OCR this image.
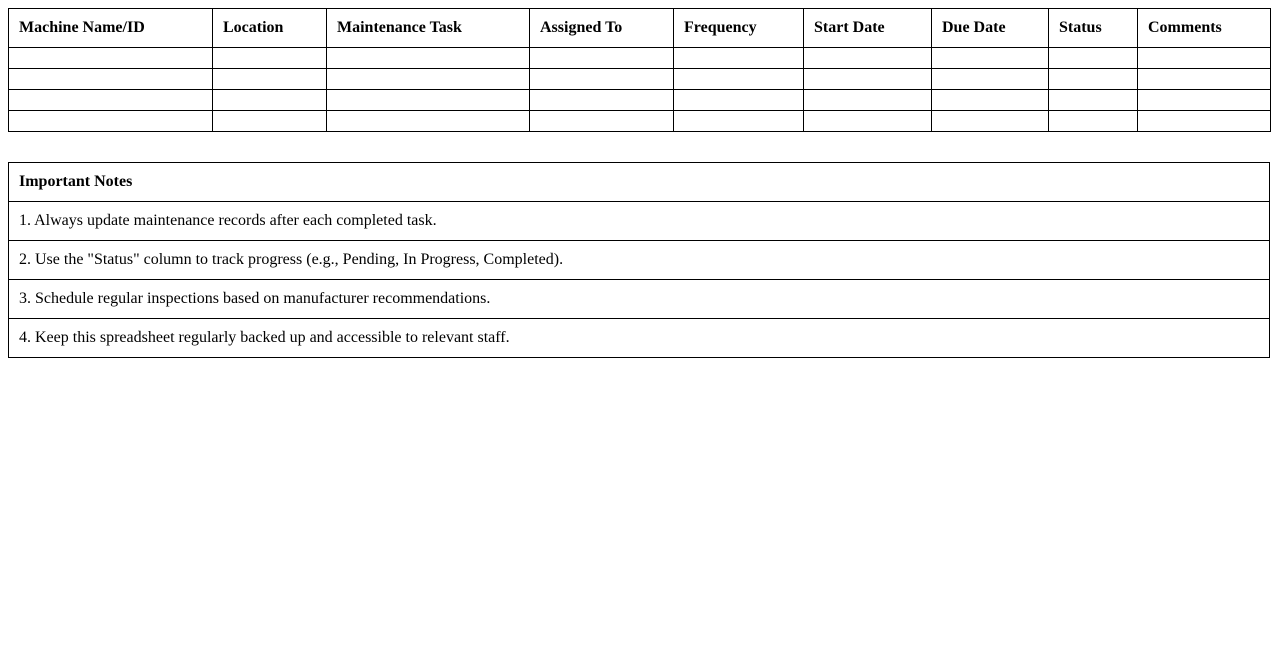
Machine Name/ID	Location	Maintenance Task	Assigned To	Frequency	Start Date	Due Date	Status	Comments

Important Notes
1. Always update maintenance records after each completed task.
2. Use the "Status" column to track progress (e.g., Pending, In Progress, Completed).
3. Schedule regular inspections based on manufacturer recommendations.
4. Keep this spreadsheet regularly backed up and accessible to relevant staff.
